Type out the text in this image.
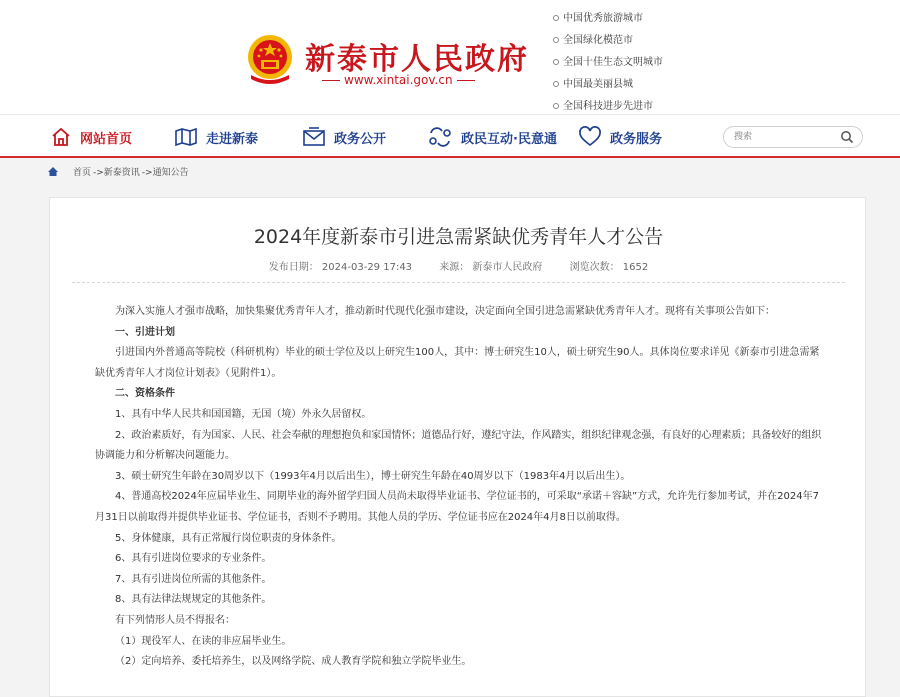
新泰市人民政府
www.xintai.gov.cn
中国优秀旅游城市
全国绿化模范市
全国十佳生态文明城市
中国最美丽县城
全国科技进步先进市
网站首页	走进新泰	政务公开	政民互动·民意通	政务服务
搜索
首页 ->新泰资讯 ->通知公告
2024年度新泰市引进急需紧缺优秀青年人才公告
发布日期： 2024-03-29 17:43	来源： 新泰市人民政府	浏览次数： 1652

为深入实施人才强市战略，加快集聚优秀青年人才，推动新时代现代化强市建设，决定面向全国引进急需紧缺优秀青年人才。现将有关事项公告如下：

一、引进计划

引进国内外普通高等院校（科研机构）毕业的硕士学位及以上研究生100人，其中：博士研究生10人，硕士研究生90人。具体岗位要求详见《新泰市引进急需紧缺优秀青年人才岗位计划表》（见附件1）。

二、资格条件

1、具有中华人民共和国国籍，无国（境）外永久居留权。

2、政治素质好，有为国家、人民、社会奉献的理想抱负和家国情怀；道德品行好，遵纪守法，作风踏实，组织纪律观念强，有良好的心理素质；具备较好的组织协调能力和分析解决问题能力。

3、硕士研究生年龄在30周岁以下（1993年4月以后出生），博士研究生年龄在40周岁以下（1983年4月以后出生）。

4、普通高校2024年应届毕业生、同期毕业的海外留学归国人员尚未取得毕业证书、学位证书的，可采取“承诺＋容缺”方式，允许先行参加考试，并在2024年7月31日以前取得并提供毕业证书、学位证书，否则不予聘用。其他人员的学历、学位证书应在2024年4月8日以前取得。

5、身体健康，具有正常履行岗位职责的身体条件。

6、具有引进岗位要求的专业条件。

7、具有引进岗位所需的其他条件。

8、具有法律法规规定的其他条件。

有下列情形人员不得报名：

（1）现役军人、在读的非应届毕业生。

（2）定向培养、委托培养生，以及网络学院、成人教育学院和独立学院毕业生。
